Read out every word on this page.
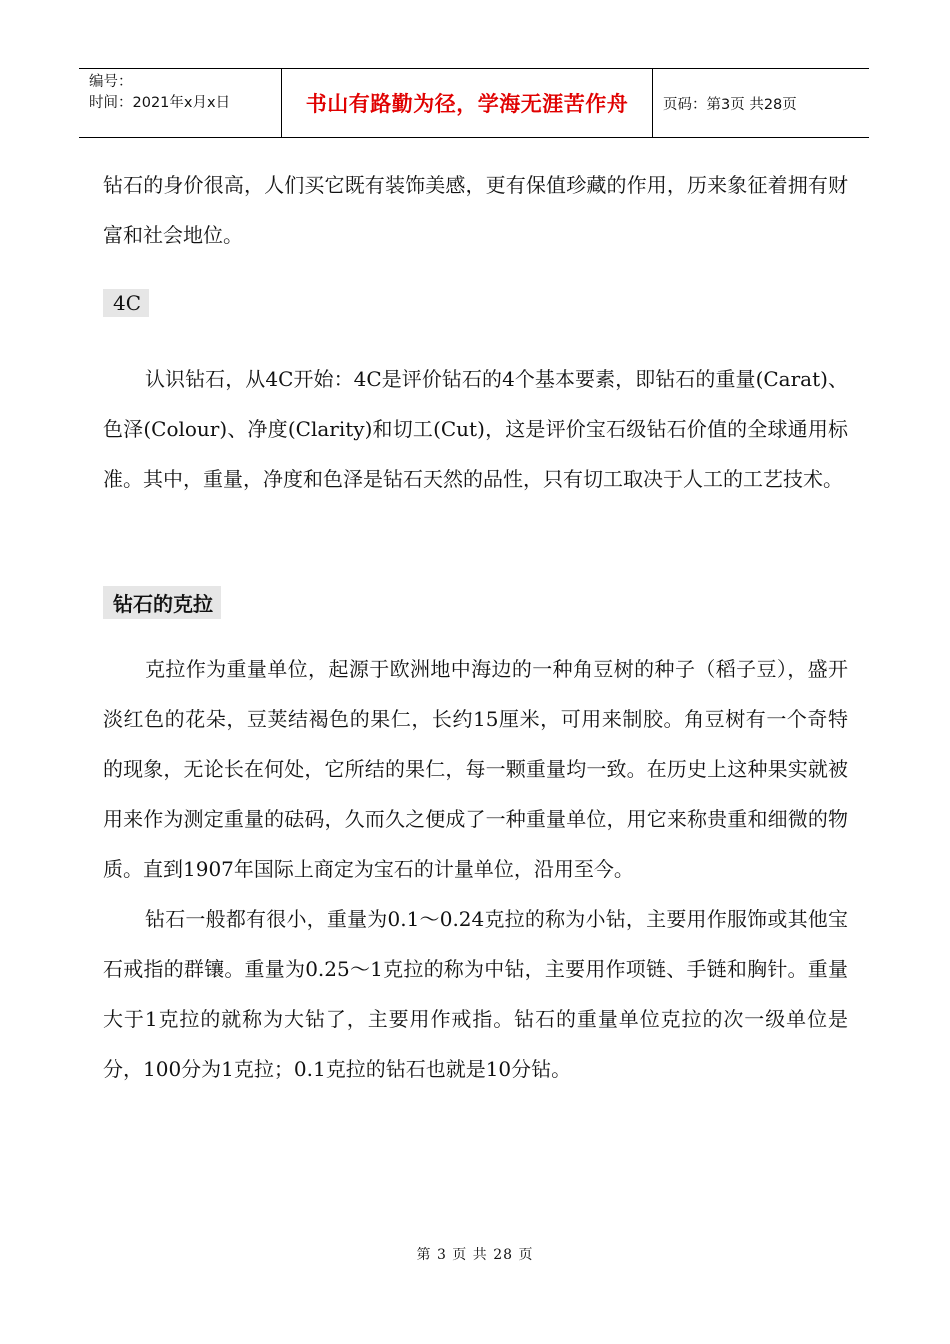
编号：
时间：2021年x月x日	书山有路勤为径，学海无涯苦作舟 页码：第3页 共28页

钻石的身价很高，人们买它既有装饰美感，更有保值珍藏的作用，历来象征着拥有财富和社会地位。

4C

认识钻石，从4C开始：4C是评价钻石的4个基本要素，即钻石的重量(Carat)、色泽(Colour)、净度(Clarity)和切工(Cut)，这是评价宝石级钻石价值的全球通用标准。其中，重量，净度和色泽是钻石天然的品性，只有切工取决于人工的工艺技术。

钻石的克拉

克拉作为重量单位，起源于欧洲地中海边的一种角豆树的种子（稻子豆），盛开淡红色的花朵，豆荚结褐色的果仁，长约15厘米，可用来制胶。角豆树有一个奇特的现象，无论长在何处，它所结的果仁，每一颗重量均一致。在历史上这种果实就被用来作为测定重量的砝码，久而久之便成了一种重量单位，用它来称贵重和细微的物质。直到1907年国际上商定为宝石的计量单位，沿用至今。

钻石一般都有很小，重量为0.1～0.24克拉的称为小钻，主要用作服饰或其他宝石戒指的群镶。重量为0.25～1克拉的称为中钻，主要用作项链、手链和胸针。重量大于1克拉的就称为大钻了，主要用作戒指。钻石的重量单位克拉的次一级单位是分，100分为1克拉；0.1克拉的钻石也就是10分钻。

第 3 页 共 28 页
